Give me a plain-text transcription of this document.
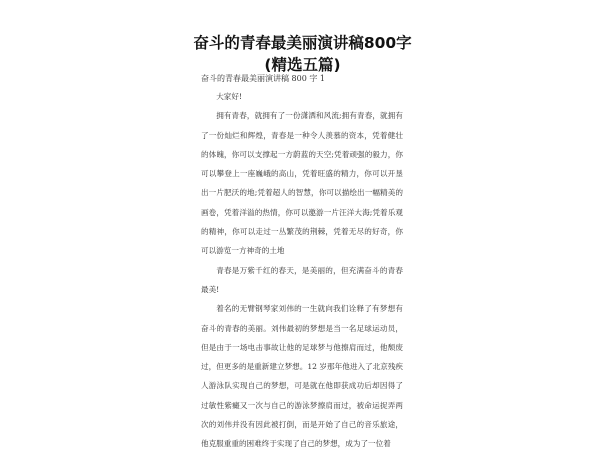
奋斗的青春最美丽演讲稿800字(精选五篇)
奋斗的青春最美丽演讲稿 800 字 1

大家好!

拥有青春，就拥有了一份潇洒和风流;拥有青春，就拥有了一份灿烂和辉煌，青春是一种令人羡慕的资本，凭着健壮的体魄，你可以支撑起一方蔚蓝的天空;凭着顽强的毅力，你可以攀登上一座巍峨的高山，凭着旺盛的精力，你可以开垦出一片肥沃的地;凭着超人的智慧，你可以描绘出一幅精美的画卷，凭着洋溢的热情，你可以邀游一片汪洋大海;凭着乐观的精神，你可以走过一丛繁茂的荆棘，凭着无尽的好奇，你可以游览一方神奇的土地

青春是万紫千红的春天，是美丽的，但充满奋斗的青春最美!

着名的无臂钢琴家刘伟的一生就向我们诠释了有梦想有奋斗的青春的美丽。刘伟最初的梦想是当一名足球运动员，但是由于一场电击事故让他的足球梦与他擦肩而过，他颓废过，但更多的是重新建立梦想。12 岁那年他进入了北京残疾人游泳队实现自己的梦想，可是就在他即获成功后却因得了过敏性紫癜又一次与自己的游泳梦擦肩而过，被命运捉弄两次的刘伟并没有因此被打倒，而是开始了自己的音乐旅途，他克服重重的困难终于实现了自己的梦想，成为了一位着
